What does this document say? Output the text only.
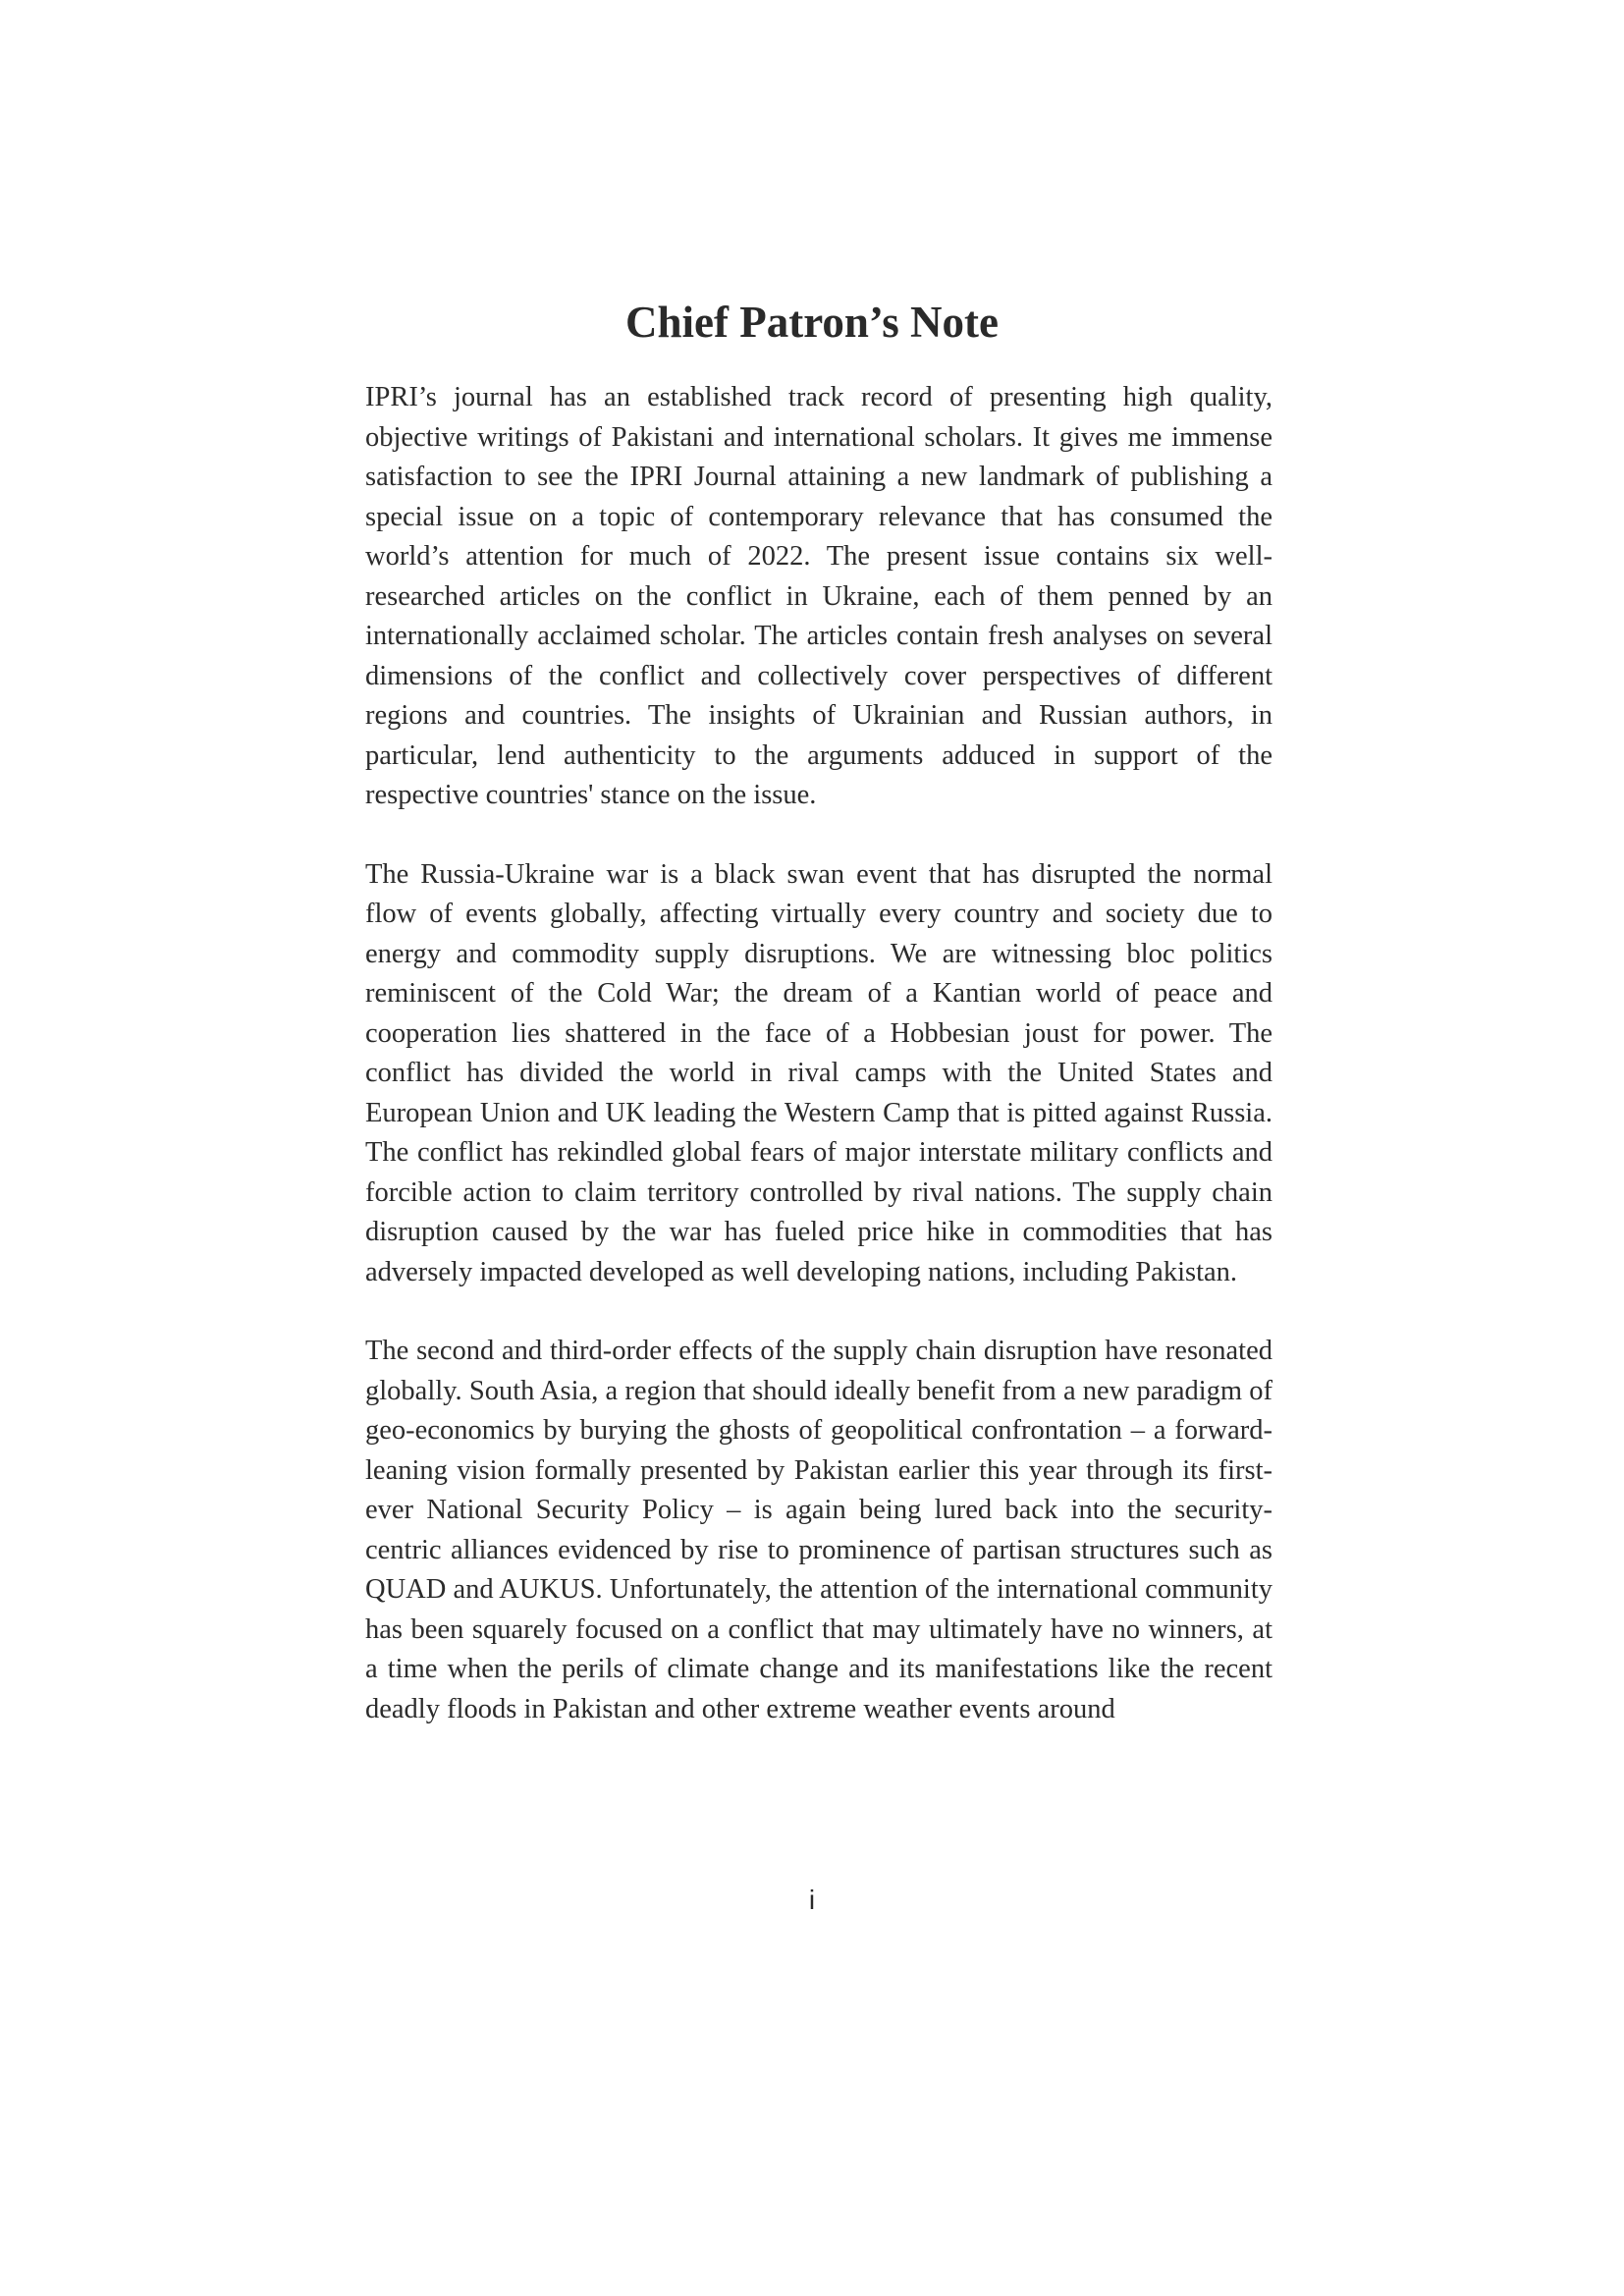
Chief Patron’s Note

IPRI’s journal has an established track record of presenting high quality, objective writings of Pakistani and international scholars. It gives me immense satisfaction to see the IPRI Journal attaining a new landmark of publishing a special issue on a topic of contemporary relevance that has consumed the world’s attention for much of 2022. The present issue contains six well-researched articles on the conflict in Ukraine, each of them penned by an internationally acclaimed scholar. The articles contain fresh analyses on several dimensions of the conflict and collectively cover perspectives of different regions and countries. The insights of Ukrainian and Russian authors, in particular, lend authenticity to the arguments adduced in support of the respective countries' stance on the issue.

The Russia-Ukraine war is a black swan event that has disrupted the normal flow of events globally, affecting virtually every country and society due to energy and commodity supply disruptions. We are witnessing bloc politics reminiscent of the Cold War; the dream of a Kantian world of peace and cooperation lies shattered in the face of a Hobbesian joust for power. The conflict has divided the world in rival camps with the United States and European Union and UK leading the Western Camp that is pitted against Russia. The conflict has rekindled global fears of major interstate military conflicts and forcible action to claim territory controlled by rival nations. The supply chain disruption caused by the war has fueled price hike in commodities that has adversely impacted developed as well developing nations, including Pakistan.

The second and third-order effects of the supply chain disruption have resonated globally. South Asia, a region that should ideally benefit from a new paradigm of geo-economics by burying the ghosts of geopolitical confrontation – a forward-leaning vision formally presented by Pakistan earlier this year through its first-ever National Security Policy – is again being lured back into the security-centric alliances evidenced by rise to prominence of partisan structures such as QUAD and AUKUS. Unfortunately, the attention of the international community has been squarely focused on a conflict that may ultimately have no winners, at a time when the perils of climate change and its manifestations like the recent deadly floods in Pakistan and other extreme weather events around

i
